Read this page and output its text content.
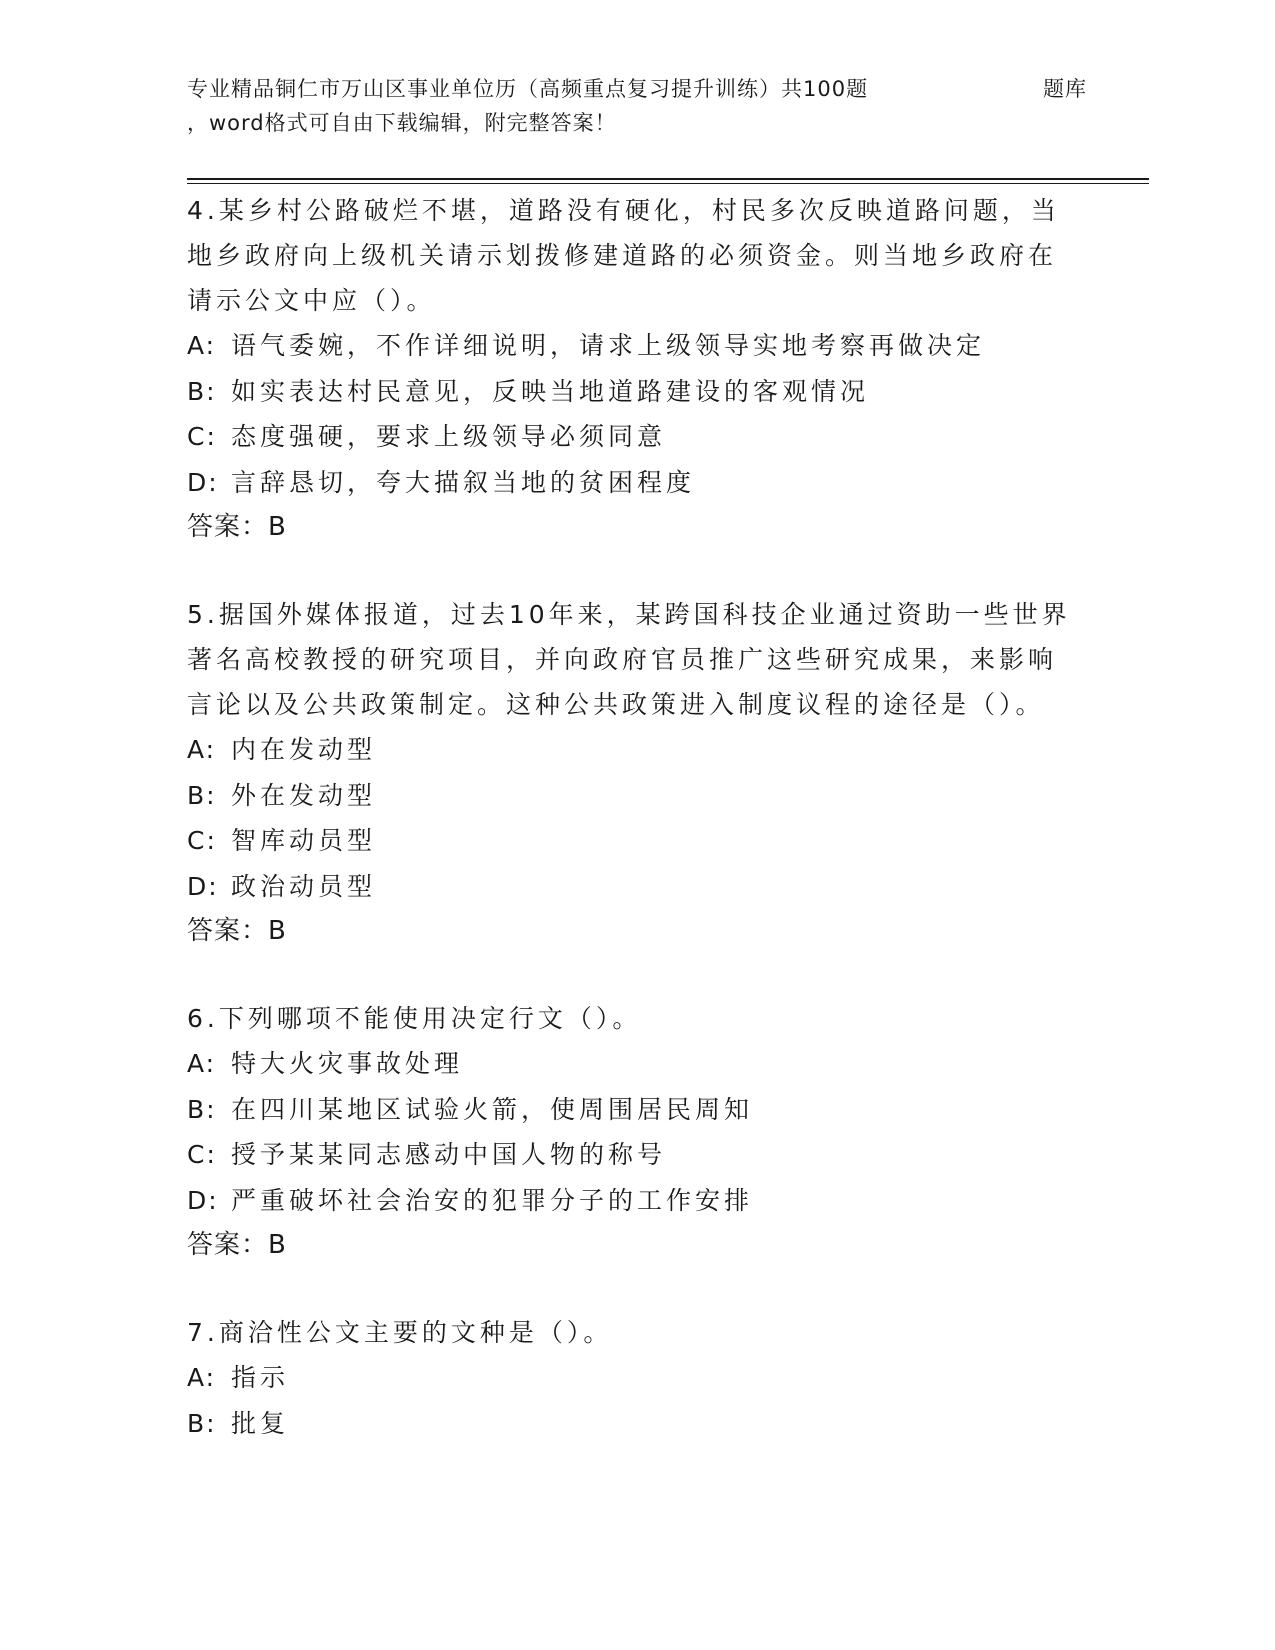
专业精品铜仁市万山区事业单位历（高频重点复习提升训练）共100题	题库
，word格式可自由下载编辑，附完整答案！
4.某乡村公路破烂不堪，道路没有硬化，村民多次反映道路问题，当
地乡政府向上级机关请示划拨修建道路的必须资金。则当地乡政府在
请示公文中应（）。
A: 语气委婉，不作详细说明，请求上级领导实地考察再做决定
B: 如实表达村民意见，反映当地道路建设的客观情况
C: 态度强硬，要求上级领导必须同意
D: 言辞恳切，夸大描叙当地的贫困程度
答案：B
5.据国外媒体报道，过去10年来，某跨国科技企业通过资助一些世界
著名高校教授的研究项目，并向政府官员推广这些研究成果，来影响
言论以及公共政策制定。这种公共政策进入制度议程的途径是（）。
A: 内在发动型
B: 外在发动型
C: 智库动员型
D: 政治动员型
答案：B
6.下列哪项不能使用决定行文（）。
A: 特大火灾事故处理
B: 在四川某地区试验火箭，使周围居民周知
C: 授予某某同志感动中国人物的称号
D: 严重破坏社会治安的犯罪分子的工作安排
答案：B
7.商洽性公文主要的文种是（）。
A: 指示
B: 批复
